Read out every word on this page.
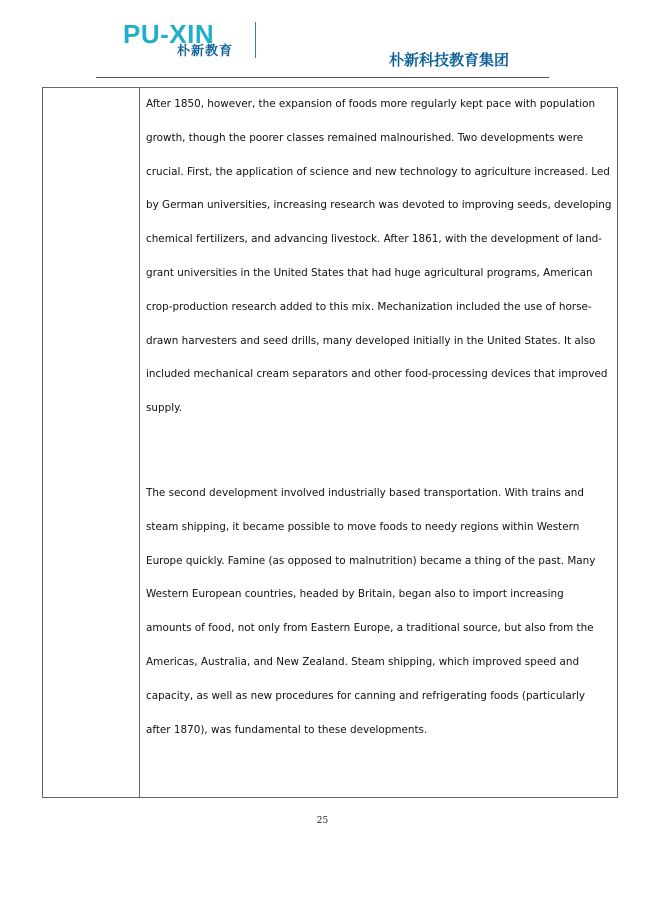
PU-XIN
朴新教育	朴新科技教育集团

After 1850, however, the expansion of foods more regularly kept pace with population growth, though the poorer classes remained malnourished. Two developments were crucial. First, the application of science and new technology to agriculture increased. Led by German universities, increasing research was devoted to improving seeds, developing chemical fertilizers, and advancing livestock. After 1861, with the development of land-grant universities in the United States that had huge agricultural programs, American crop-production research added to this mix. Mechanization included the use of horse-drawn harvesters and seed drills, many developed initially in the United States. It also included mechanical cream separators and other food-processing devices that improved supply.

The second development involved industrially based transportation. With trains and steam shipping, it became possible to move foods to needy regions within Western Europe quickly. Famine (as opposed to malnutrition) became a thing of the past. Many Western European countries, headed by Britain, began also to import increasing amounts of food, not only from Eastern Europe, a traditional source, but also from the Americas, Australia, and New Zealand. Steam shipping, which improved speed and capacity, as well as new procedures for canning and refrigerating foods (particularly after 1870), was fundamental to these developments.

25
